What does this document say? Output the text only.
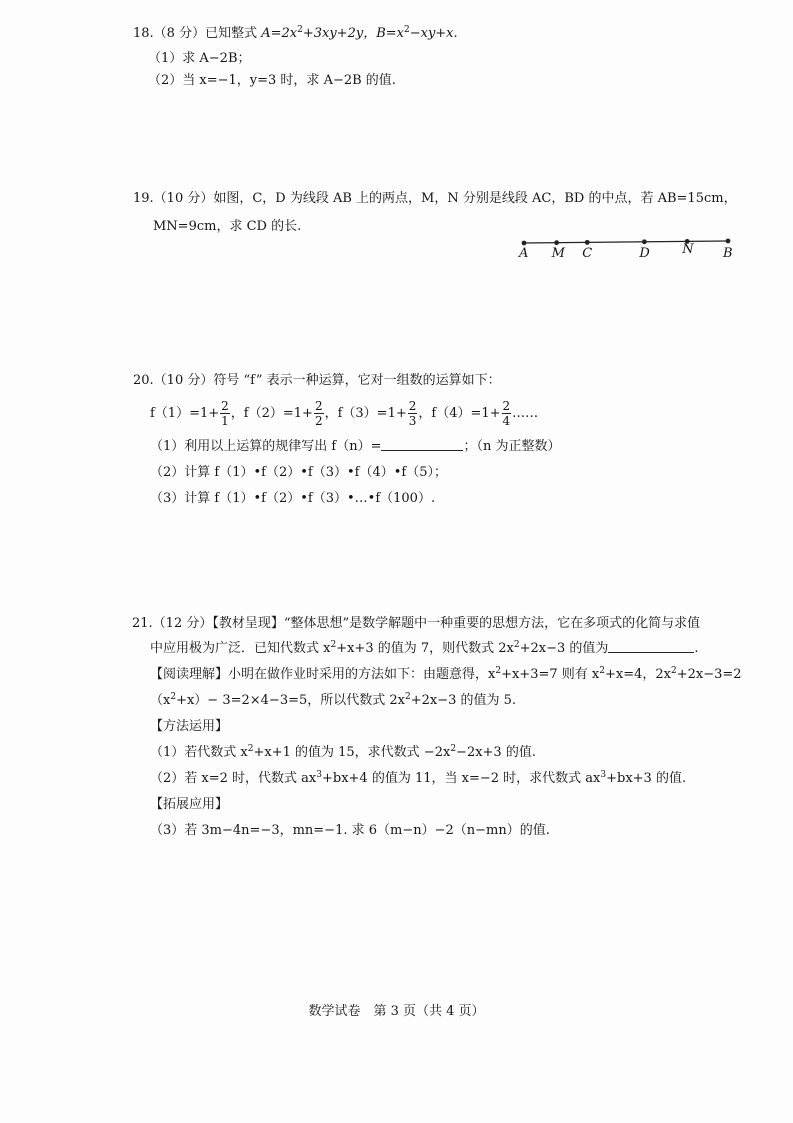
18.（8 分）已知整式 $A=2x^2+3xy+2y$，$B=x^2-xy+x$.
（1）求 A−2B；
（2）当 x=−1，y=3 时，求 A−2B 的值.
19.（10 分）如图，C，D 为线段 AB 上的两点，M，N 分别是线段 AC，BD 的中点，若 AB=15cm，
MN=9cm，求 CD 的长.
A M C	D N B
20.（10 分）符号 “f” 表示一种运算，它对一组数的运算如下：
$f(1)=1+ \frac{2}{1}$ ，$f(2)=1+ \frac{2}{2}$ ，$f(3)=1+ \frac{2}{3}$ ，$f(4)=1+ \frac{2}{4}$ ……
（1）利用以上运算的规律写出 f（n）=	；（n 为正整数）
（2）计算 f（1）•f（2）•f（3）•f（4）•f（5）；
（3）计算 f（1）•f（2）•f（3）•…•f（100）.
21.（12 分）【教材呈现】“整体思想”是数学解题中一种重要的思想方法，它在多项式的化简与求值
中应用极为广泛．已知代数式 $x^2+x+3$ 的值为 7，则代数式 $2x^2+2x-3$ 的值为	.
【阅读理解】小明在做作业时采用的方法如下：由题意得，$x^2+x+3=7$ 则有 $x^2+x=4$，$2x^2+2x-3=2$
$(x^2+x)- 3=2\times 4-3=5$，所以代数式 $2x^2+2x-3$ 的值为 5.
【方法运用】
（1）若代数式 $x^2+x+1$ 的值为 15，求代数式 $-2x^2-2x+3$ 的值.
（2）若 x=2 时，代数式 $ax^3+bx+4$ 的值为 11，当 x=−2 时，求代数式 $ax^3+bx+3$ 的值.
【拓展应用】
（3）若 3m−4n=−3，mn=−1. 求 6（m−n）−2（n−mn）的值.
数学试卷　第 3 页（共 4 页）
